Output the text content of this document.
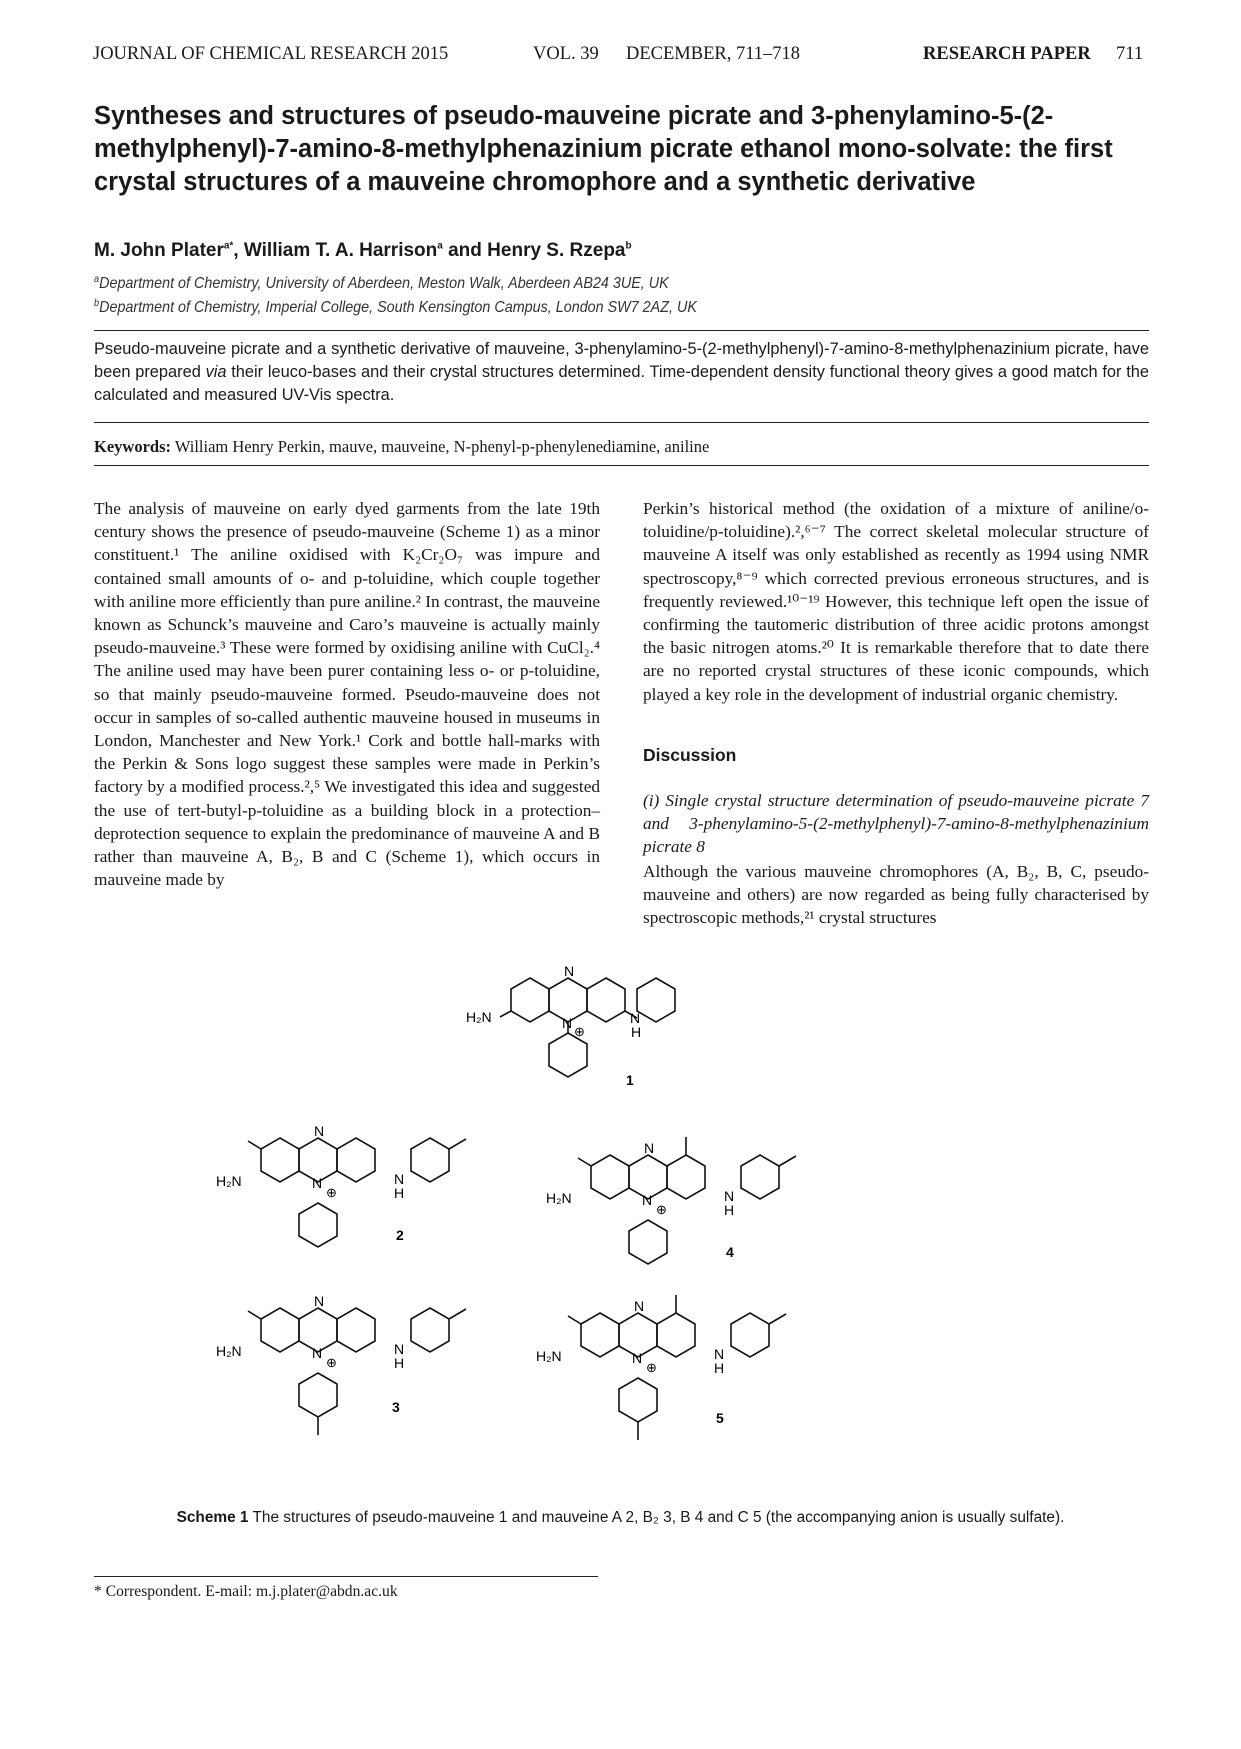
JOURNAL OF CHEMICAL RESEARCH 2015	VOL. 39 DECEMBER, 711–718	RESEARCH PAPER 711
Syntheses and structures of pseudo-mauveine picrate and 3-phenylamino-5-(2-methylphenyl)-7-amino-8-methylphenazinium picrate ethanol mono-solvate: the first crystal structures of a mauveine chromophore and a synthetic derivative
M. John Plater$^{a*}$, William T. A. Harrison$^a$ and Henry S. Rzepa$^b$
$^a$Department of Chemistry, University of Aberdeen, Meston Walk, Aberdeen AB24 3UE, UK
$^b$Department of Chemistry, Imperial College, South Kensington Campus, London SW7 2AZ, UK

Pseudo-mauveine picrate and a synthetic derivative of mauveine, 3-phenylamino-5-(2-methylphenyl)-7-amino-8-methylphenazinium picrate, have been prepared via their leuco-bases and their crystal structures determined. Time-dependent density functional theory gives a good match for the calculated and measured UV-Vis spectra.

Keywords: William Henry Perkin, mauve, mauveine, N-phenyl-p-phenylenediamine, aniline

The analysis of mauveine on early dyed garments from the late 19th century shows the presence of pseudo-mauveine (Scheme 1) as a minor constituent.¹ The aniline oxidised with K₂Cr₂O₇ was impure and contained small amounts of o- and p-toluidine, which couple together with aniline more efficiently than pure aniline.² In contrast, the mauveine known as Schunck’s mauveine and Caro’s mauveine is actually mainly pseudo-mauveine.³ These were formed by oxidising aniline with CuCl₂.⁴ The aniline used may have been purer containing less o- or p-toluidine, so that mainly pseudo-mauveine formed. Pseudo-mauveine does not occur in samples of so-called authentic mauveine housed in museums in London, Manchester and New York.¹ Cork and bottle hall-marks with the Perkin & Sons logo suggest these samples were made in Perkin’s factory by a modified process.²,⁵ We investigated this idea and suggested the use of tert-butyl-p-toluidine as a building block in a protection–deprotection sequence to explain the predominance of mauveine A and B rather than mauveine A, B₂, B and C (Scheme 1), which occurs in mauveine made by

Perkin’s historical method (the oxidation of a mixture of aniline/o-toluidine/p-toluidine).²,⁶⁻⁷ The correct skeletal molecular structure of mauveine A itself was only established as recently as 1994 using NMR spectroscopy,⁸⁻⁹ which corrected previous erroneous structures, and is frequently reviewed.¹⁰⁻¹⁹ However, this technique left open the issue of confirming the tautomeric distribution of three acidic protons amongst the basic nitrogen atoms.²⁰ It is remarkable therefore that to date there are no reported crystal structures of these iconic compounds, which played a key role in the development of industrial organic chemistry.

Discussion

(i) Single crystal structure determination of pseudo-mauveine picrate 7 and 3-phenylamino-5-(2-methylphenyl)-7-amino-8-methylphenazinium picrate 8

Although the various mauveine chromophores (A, B₂, B, C, pseudo-mauveine and others) are now regarded as being fully characterised by spectroscopic methods,²¹ crystal structures

N
N
⊕
H₂N	N
H
1
N
N
⊕
H₂N	N
H
2
N
N
⊕
H₂N	N
H
4
N
N
⊕
H₂N	N
H
3
N
N
⊕
H₂N	N
H
5
Scheme 1 The structures of pseudo-mauveine 1 and mauveine A 2, B₂ 3, B 4 and C 5 (the accompanying anion is usually sulfate).
* Correspondent. E-mail: m.j.plater@abdn.ac.uk
